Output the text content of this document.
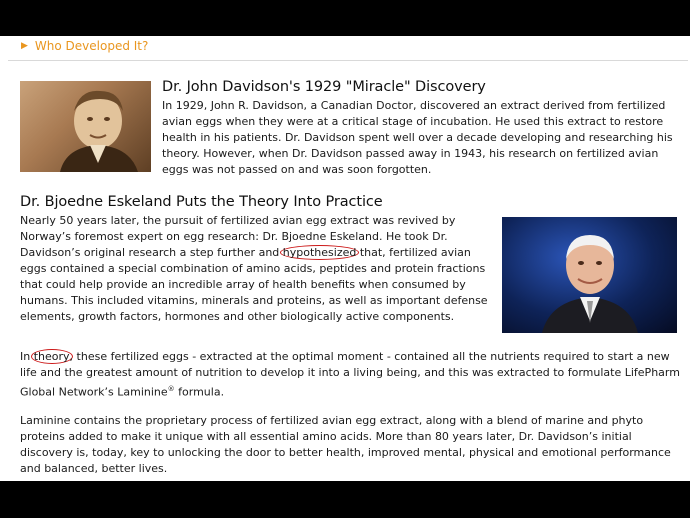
▶ Who Developed It?
Dr. John Davidson's 1929 "Miracle" Discovery

In 1929, John R. Davidson, a Canadian Doctor, discovered an extract derived from fertilized avian eggs when they were at a critical stage of incubation. He used this extract to restore health in his patients. Dr. Davidson spent well over a decade developing and researching his theory. However, when Dr. Davidson passed away in 1943, his research on fertilized avian eggs was not passed on and was soon forgotten.

Dr. Bjoedne Eskeland Puts the Theory Into Practice

Nearly 50 years later, the pursuit of fertilized avian egg extract was revived by Norway’s foremost expert on egg research: Dr. Bjoedne Eskeland. He took Dr. Davidson’s original research a step further and hypothesized that, fertilized avian eggs contained a special combination of amino acids, peptides and protein fractions that could help provide an incredible array of health benefits when consumed by humans. This included vitamins, minerals and proteins, as well as important defense elements, growth factors, hormones and other biologically active components.

In theory, these fertilized eggs - extracted at the optimal moment - contained all the nutrients required to start a new life and the greatest amount of nutrition to develop it into a living being, and this was extracted to formulate LifePharm Global Network’s Laminine® formula.

Laminine contains the proprietary process of fertilized avian egg extract, along with a blend of marine and phyto proteins added to make it unique with all essential amino acids. More than 80 years later, Dr. Davidson’s initial discovery is, today, key to unlocking the door to better health, improved mental, physical and emotional performance and balanced, better lives.
